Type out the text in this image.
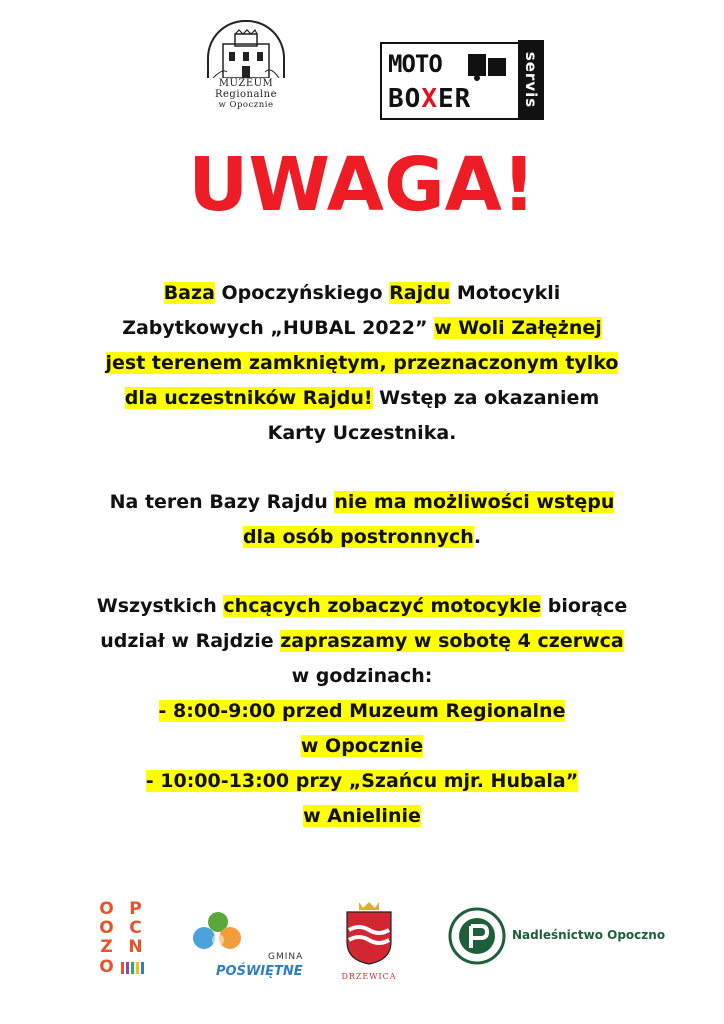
MUZEUM
Regionalne
w Opocznie
MOTO
BOXER	servis
UWAGA!

Baza Opoczyńskiego Rajdu Motocykli

Zabytkowych „HUBAL 2022” w Woli Załężnej

jest terenem zamkniętym, przeznaczonym tylko

dla uczestników Rajdu! Wstęp za okazaniem

Karty Uczestnika.

Na teren Bazy Rajdu nie ma możliwości wstępu

dla osób postronnych.

Wszystkich chcących zobaczyć motocykle biorące

udział w Rajdzie zapraszamy w sobotę 4 czerwca

w godzinach:

- 8:00-9:00 przed Muzeum Regionalne

w Opocznie

- 10:00-13:00 przy „Szańcu mjr. Hubala”

w Anielinie

O P
O C
Z N
O	GMINA
POŚWIĘTNE	DRZEWICA
Nadleśnictwo Opoczno
